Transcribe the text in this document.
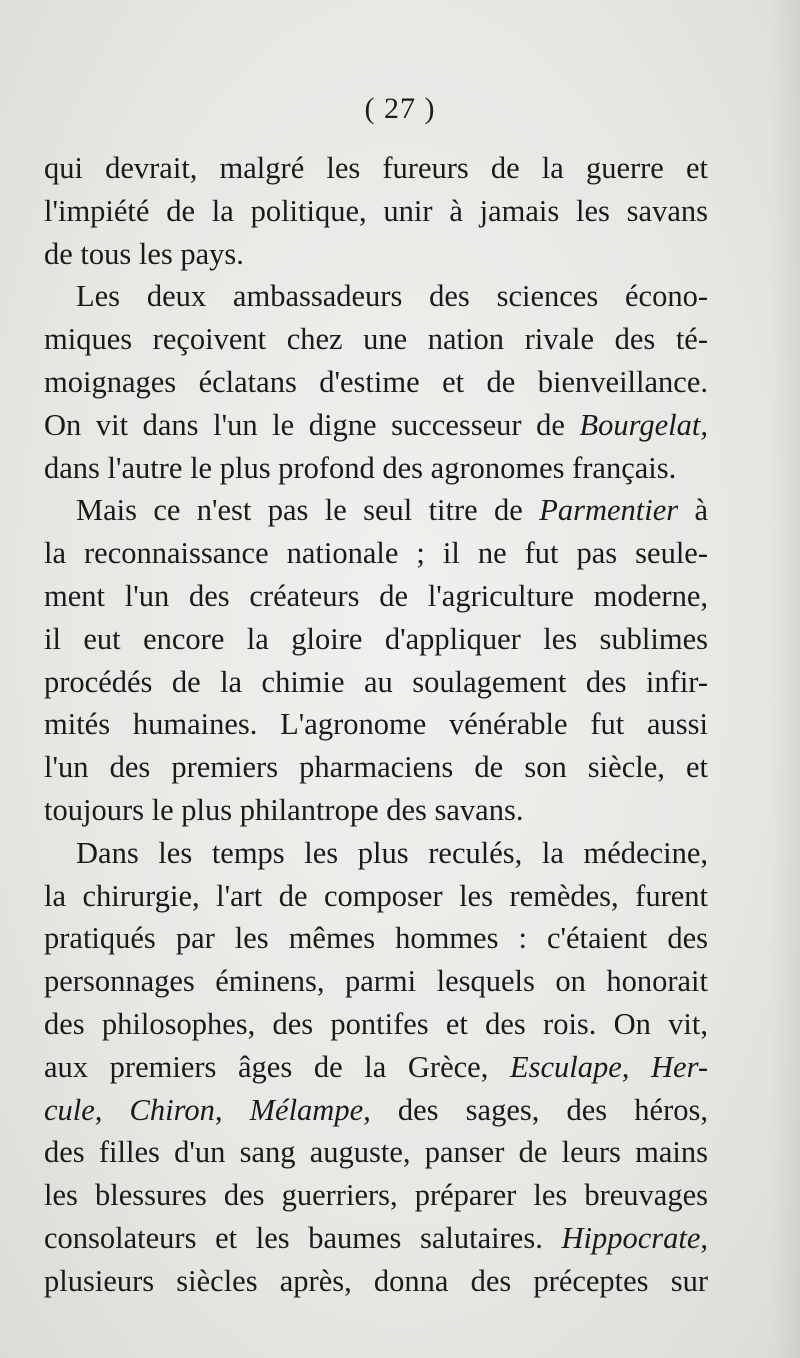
( 27 )
qui devrait, malgré les fureurs de la guerre et
l'impiété de la politique, unir à jamais les savans
de tous les pays.
Les deux ambassadeurs des sciences écono-
miques reçoivent chez une nation rivale des té-
moignages éclatans d'estime et de bienveillance.
On vit dans l'un le digne successeur de Bourgelat,
dans l'autre le plus profond des agronomes français.
Mais ce n'est pas le seul titre de Parmentier à
la reconnaissance nationale ; il ne fut pas seule-
ment l'un des créateurs de l'agriculture moderne,
il eut encore la gloire d'appliquer les sublimes
procédés de la chimie au soulagement des infir-
mités humaines. L'agronome vénérable fut aussi
l'un des premiers pharmaciens de son siècle, et
toujours le plus philantrope des savans.
Dans les temps les plus reculés, la médecine,
la chirurgie, l'art de composer les remèdes, furent
pratiqués par les mêmes hommes : c'étaient des
personnages éminens, parmi lesquels on honorait
des philosophes, des pontifes et des rois. On vit,
aux premiers âges de la Grèce, Esculape, Her-
cule, Chiron, Mélampe, des sages, des héros,
des filles d'un sang auguste, panser de leurs mains
les blessures des guerriers, préparer les breuvages
consolateurs et les baumes salutaires. Hippocrate,
plusieurs siècles après, donna des préceptes sur
